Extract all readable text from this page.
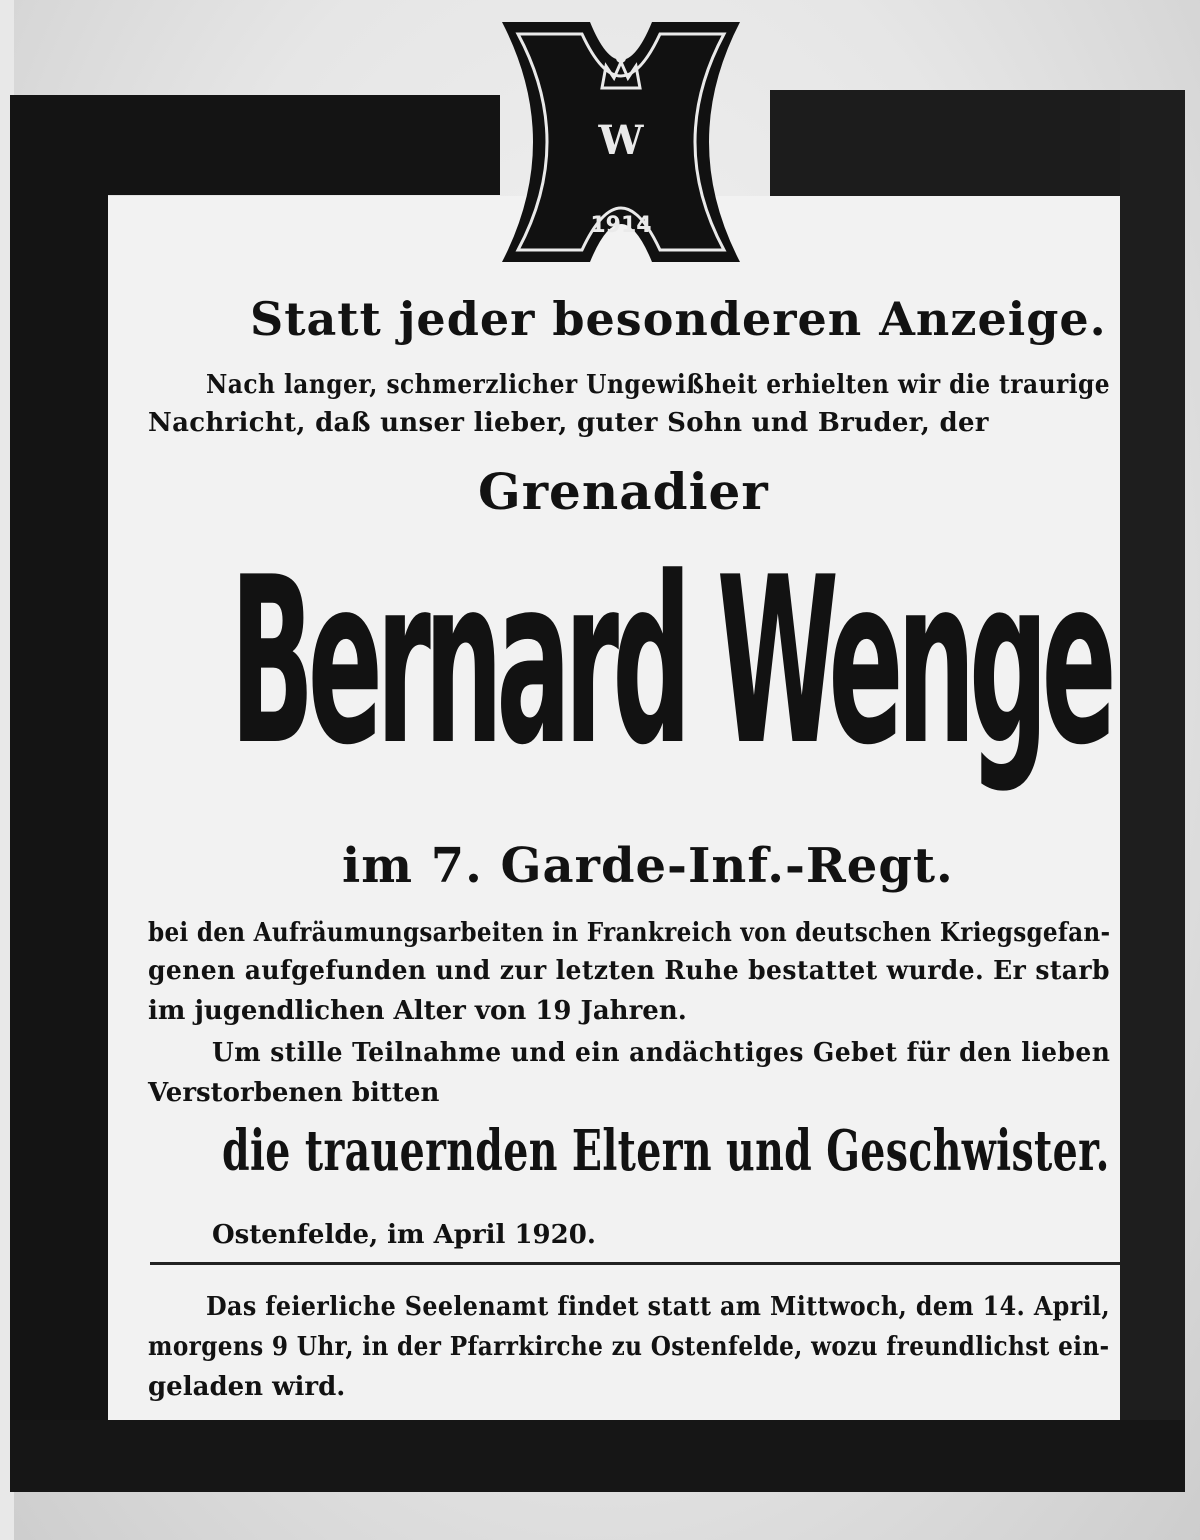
W
1914

Statt jeder besonderen Anzeige.

Nach langer, schmerzlicher Ungewißheit erhielten wir die traurige

Nachricht, daß unser lieber, guter Sohn und Bruder, der

Grenadier

Bernard Wenge

im 7. Garde-Inf.-Regt.

bei den Aufräumungsarbeiten in Frankreich von deutschen Kriegsgefan-

genen aufgefunden und zur letzten Ruhe bestattet wurde. Er starb

im jugendlichen Alter von 19 Jahren.

Um stille Teilnahme und ein andächtiges Gebet für den lieben

Verstorbenen bitten

die trauernden Eltern und Geschwister.

Ostenfelde, im April 1920.

Das feierliche Seelenamt findet statt am Mittwoch, dem 14. April,

morgens 9 Uhr, in der Pfarrkirche zu Ostenfelde, wozu freundlichst ein-

geladen wird.
